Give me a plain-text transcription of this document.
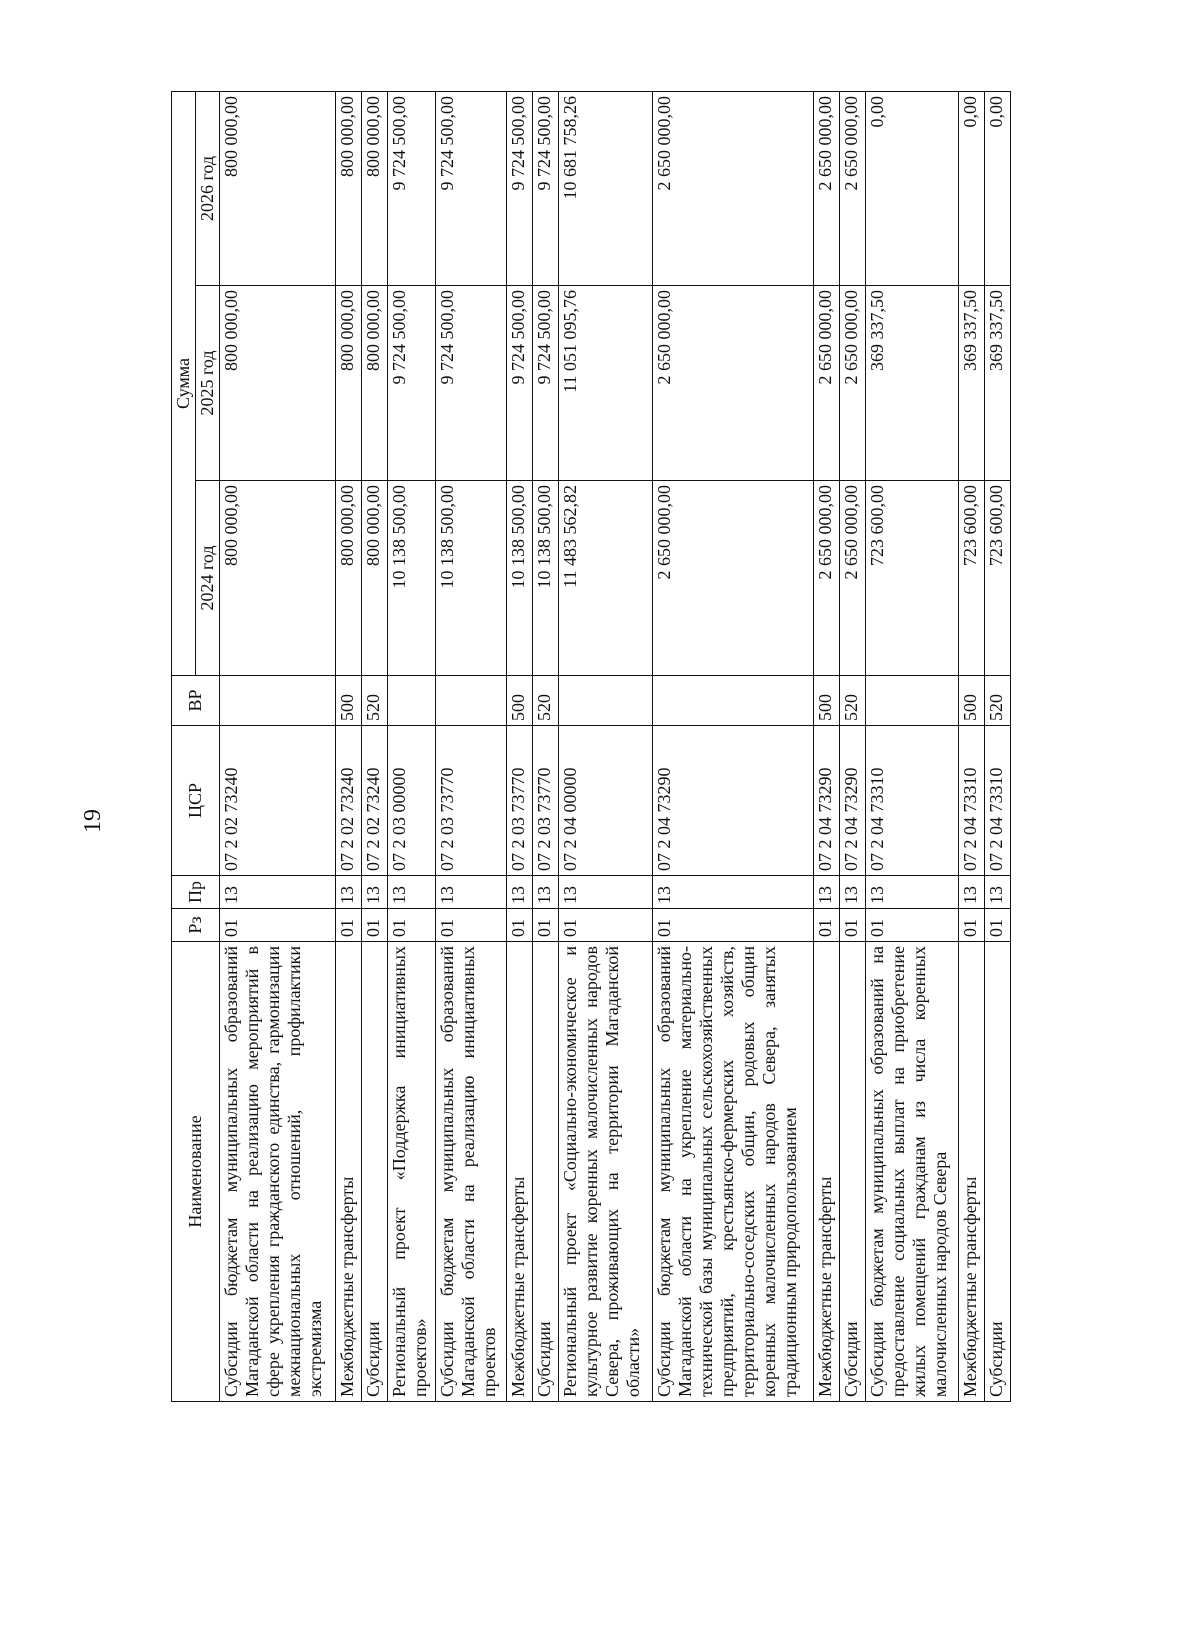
19
Наименование	Рз	Пр	ЦСР	ВР	Сумма		
					2024 год	2025 год	2026 год
Субсидии бюджетам муниципальных образований Магаданской области на реализацию мероприятий в сфере укрепления гражданского единства, гармонизации межнациональных отношений, профилактики экстремизма	01	13	07 2 02 73240		800 000,00	800 000,00	800 000,00
Межбюджетные трансферты	01	13	07 2 02 73240	500	800 000,00	800 000,00	800 000,00
Субсидии	01	13	07 2 02 73240	520	800 000,00	800 000,00	800 000,00
Региональный проект «Поддержка инициативных проектов»	01	13	07 2 03 00000		10 138 500,00	9 724 500,00	9 724 500,00
Субсидии бюджетам муниципальных образований Магаданской области на реализацию инициативных проектов	01	13	07 2 03 73770		10 138 500,00	9 724 500,00	9 724 500,00
Межбюджетные трансферты	01	13	07 2 03 73770	500	10 138 500,00	9 724 500,00	9 724 500,00
Субсидии	01	13	07 2 03 73770	520	10 138 500,00	9 724 500,00	9 724 500,00
Региональный проект «Социально-экономическое и культурное развитие коренных малочисленных народов Севера, проживающих на территории Магаданской области»	01	13	07 2 04 00000		11 483 562,82	11 051 095,76	10 681 758,26
Субсидии бюджетам муниципальных образований Магаданской области на укрепление материально-технической базы муниципальных сельскохозяйственных предприятий, крестьянско-фермерских хозяйств, территориально-соседских общин, родовых общин коренных малочисленных народов Севера, занятых традиционным природопользованием	01	13	07 2 04 73290		2 650 000,00	2 650 000,00	2 650 000,00
Межбюджетные трансферты	01	13	07 2 04 73290	500	2 650 000,00	2 650 000,00	2 650 000,00
Субсидии	01	13	07 2 04 73290	520	2 650 000,00	2 650 000,00	2 650 000,00
Субсидии бюджетам муниципальных образований на предоставление социальных выплат на приобретение жилых помещений гражданам из числа коренных малочисленных народов Севера	01	13	07 2 04 73310		723 600,00	369 337,50	0,00
Межбюджетные трансферты	01	13	07 2 04 73310	500	723 600,00	369 337,50	0,00
Субсидии	01	13	07 2 04 73310	520	723 600,00	369 337,50	0,00
